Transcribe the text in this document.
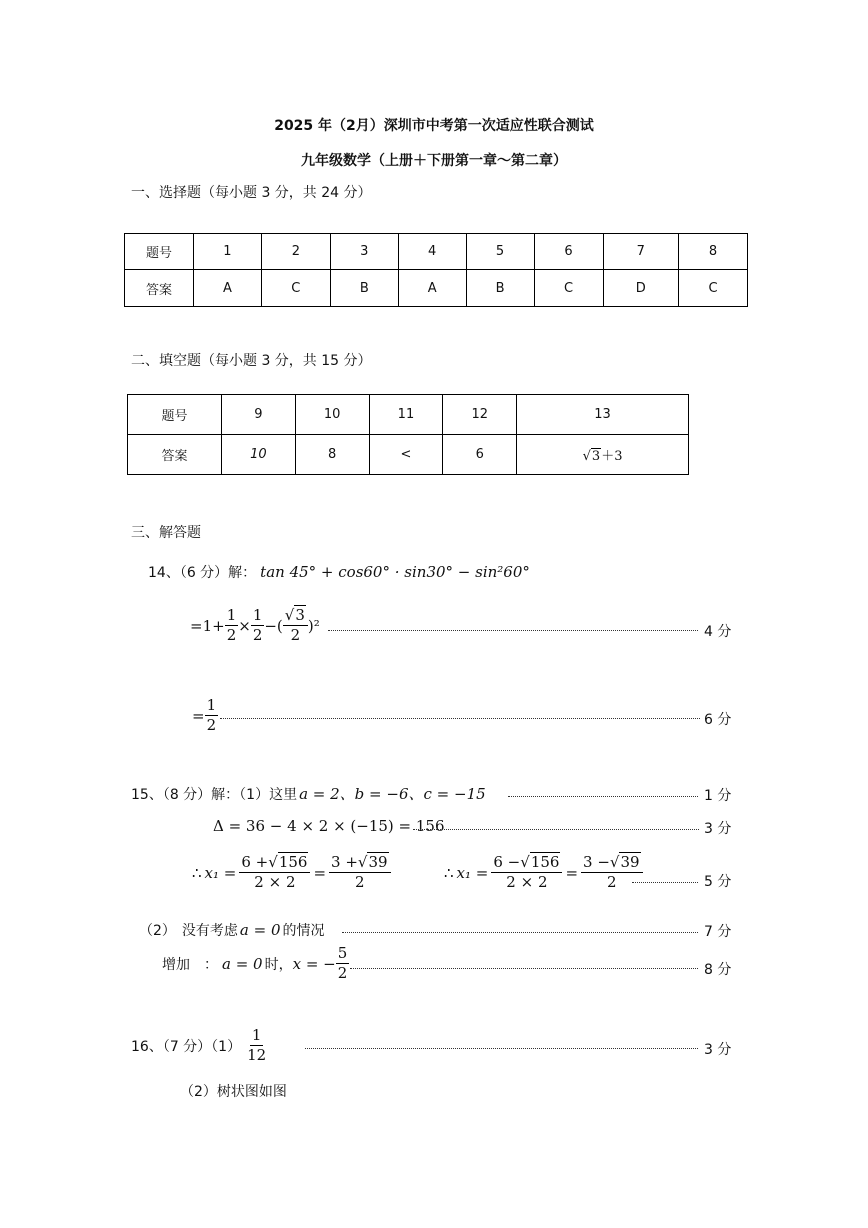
2025 年（2月）深圳市中考第一次适应性联合测试
九年级数学（上册＋下册第一章～第二章）
一、选择题（每小题 3 分，共 24 分）
题号	1	2	3	4	5	6	7	8
答案	A	C	B	A	B	C	D	C
二、填空题（每小题 3 分，共 15 分）
题号	9	10	11	12	13
答案	10	8	<	6	√3＋3
三、解答题
14、（6 分）解： tan 45° + cos60° · sin30° − sin²60°
$=1+ \frac{1}{2} \times \frac{1}{2}$ −( $\frac{√3}{2} )^2$	4 分
= $\frac{1}{2}$	6 分
15、（8 分）解：（1）这里 a = 2、b = −6、c = −15	1 分
Δ = 36 − 4 × 2 × (−15) = 156	3 分
∴ $x_1 = \frac{6 +√156}{2 \times 2} = \frac{3 +√39}{2}$	∴ $x_1 = \frac{6 -√156}{2 \times 2} = \frac{3 -√39}{2}$	5 分
（2） 没有考虑 a = 0 的情况	7 分
增加　： a = 0 时， x = − $\frac{5}{2}$	8 分
16、（7 分）$(1) \frac{1}{12}$	3 分
（2）树状图如图
